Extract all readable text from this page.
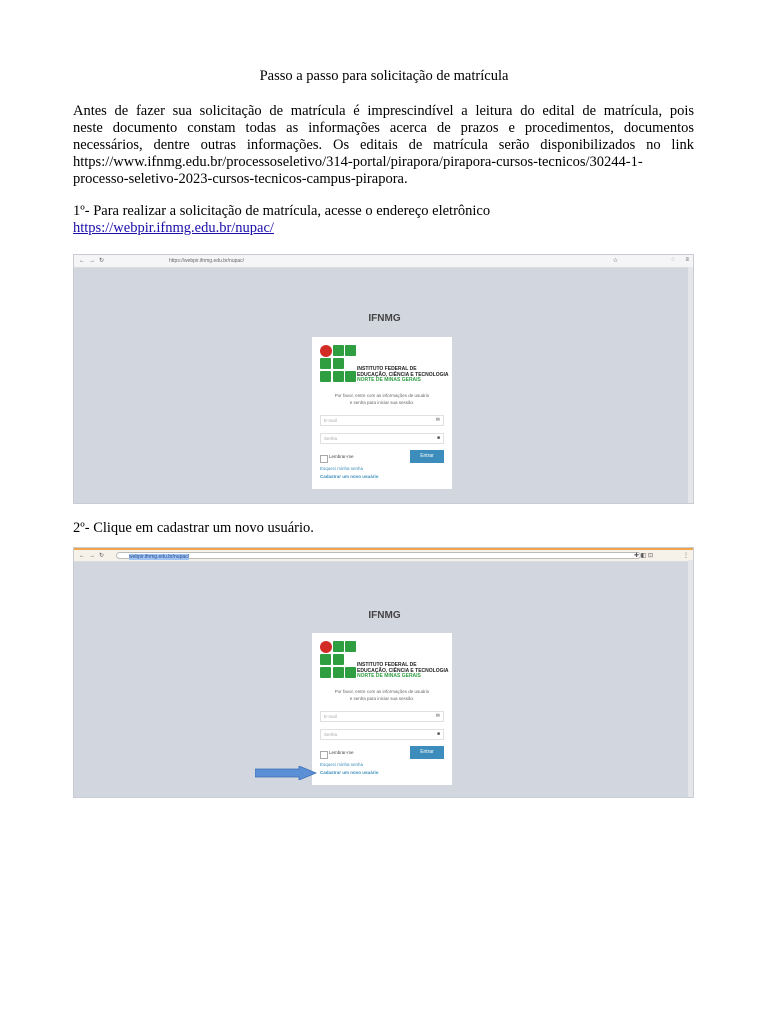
Passo a passo para solicitação de matrícula
Antes de fazer sua solicitação de matrícula é imprescindível a leitura do edital de matrícula, pois
neste documento constam todas as informações acerca de prazos e procedimentos, documentos
necessários, dentre outras informações. Os editais de matrícula serão disponibilizados no link
https://www.ifnmg.edu.br/processoseletivo/314-portal/pirapora/pirapora-cursos-tecnicos/30244-1-
processo-seletivo-2023-cursos-tecnicos-campus-pirapora.
1º- Para realizar a solicitação de matrícula, acesse o endereço eletrônico
https://webpir.ifnmg.edu.br/nupac/
←→↻	https://webpir.ifnmg.edu.br/nupac/	☆	◌ ≡
IFNMG
INSTITUTO FEDERAL DE
EDUCAÇÃO, CIÊNCIA E TECNOLOGIA
NORTE DE MINAS GERAIS
Por favor, entre com as informações de usuário
e senha para iniciar sua sessão.
E-mail	✉
Senha	■
Lembrar-me	Entrar
Esqueci minha senha
Cadastrar um novo usuário
2º- Clique em cadastrar um novo usuário.
←→↻	webpir.ifnmg.edu.br/nupac/	✚ ◧ ⊡	⋮
IFNMG
INSTITUTO FEDERAL DE
EDUCAÇÃO, CIÊNCIA E TECNOLOGIA
NORTE DE MINAS GERAIS
Por favor, entre com as informações de usuário
e senha para iniciar sua sessão.
E-mail	✉
Senha	■
Lembrar-me	Entrar
Esqueci minha senha
Cadastrar um novo usuário
